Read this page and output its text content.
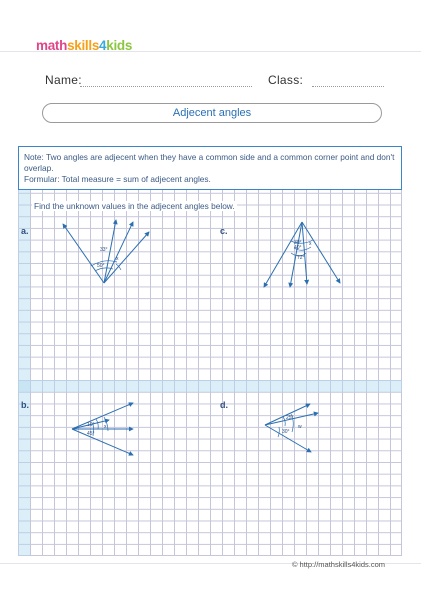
mathskills4kids
Name:	Class:
Adjecent angles
Note: Two angles are adjecent when they have a common side and a common corner point and don't overlap.
Formular: Total measure = sum of adjecent angles.
Find the unknown values in the adjecent angles below.
a.	c.
b.	d.
33°
50°
x
30°
40°
72°
x
10°
45°
x
25°
30°
w
© http://mathskills4kids.com
